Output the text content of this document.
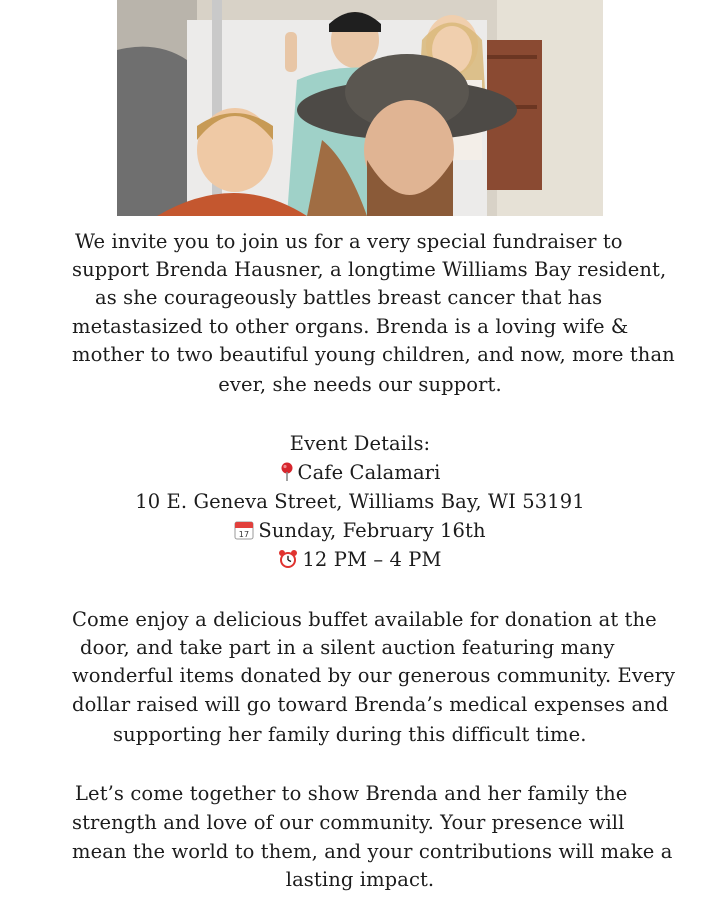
We invite you to join us for a very special fundraiser to
support Brenda Hausner, a longtime Williams Bay resident,
as she courageously battles breast cancer that has
metastasized to other organs. Brenda is a loving wife &
mother to two beautiful young children, and now, more than
ever, she needs our support.
Event Details:
Cafe Calamari
10 E. Geneva Street, Williams Bay, WI 53191
17 Sunday, February 16th
12 PM – 4 PM
Come enjoy a delicious buffet available for donation at the
door, and take part in a silent auction featuring many
wonderful items donated by our generous community. Every
dollar raised will go toward Brenda’s medical expenses and
supporting her family during this difficult time.
Let’s come together to show Brenda and her family the
strength and love of our community. Your presence will
mean the world to them, and your contributions will make a
lasting impact.
